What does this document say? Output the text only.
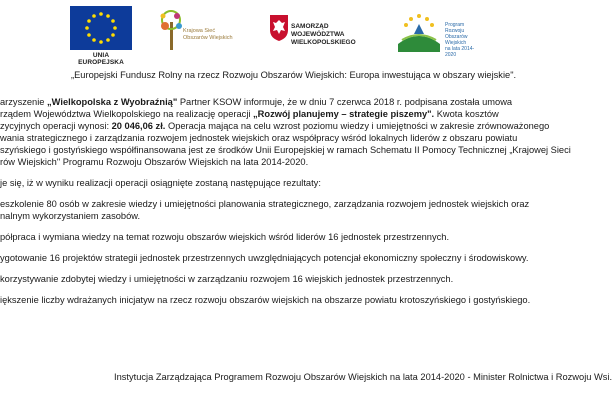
UNIA EUROPEJSKA
Krajowa Sieć
Obszarów Wiejskich
SAMORZĄD WOJEWÓDZTWA
WIELKOPOLSKIEGO
Program
Rozwoju
Obszarów
Wiejskich
na lata 2014-2020
„Europejski Fundusz Rolny na rzecz Rozwoju Obszarów Wiejskich: Europa inwestująca w obszary wiejskie".

arzyszenie „Wielkopolska z Wyobraźnią" Partner KSOW informuje, że w dniu 7 czerwca 2018 r. podpisana została umowa

rządem Województwa Wielkopolskiego na realizację operacji „Rozwój planujemy – strategie piszemy". Kwota kosztów

zycyjnych operacji wynosi: 20 046,06 zł. Operacja mająca na celu wzrost poziomu wiedzy i umiejętności w zakresie zrównoważonego

wania strategicznego i zarządzania rozwojem jednostek wiejskich oraz współpracy wśród lokalnych liderów z obszaru powiatu

szyńskiego i gostyńskiego współfinansowana jest ze środków Unii Europejskiej w ramach Schematu II Pomocy Technicznej „Krajowej Sieci

rów Wiejskich" Programu Rozwoju Obszarów Wiejskich na lata 2014-2020.

je się, iż w wyniku realizacji operacji osiągnięte zostaną następujące rezultaty:

eszkolenie 80 osób w zakresie wiedzy i umiejętności planowania strategicznego, zarządzania rozwojem jednostek wiejskich oraz

nalnym wykorzystaniem zasobów.

półpraca i wymiana wiedzy na temat rozwoju obszarów wiejskich wśród liderów 16 jednostek przestrzennych.

ygotowanie 16 projektów strategii jednostek przestrzennych uwzględniających potencjał ekonomiczny społeczny i środowiskowy.

korzystywanie zdobytej wiedzy i umiejętności w zarządzaniu rozwojem 16 wiejskich jednostek przestrzennych.

iększenie liczby wdrażanych inicjatyw na rzecz rozwoju obszarów wiejskich na obszarze powiatu krotoszyńskiego i gostyńskiego.

Instytucja Zarządzająca Programem Rozwoju Obszarów Wiejskich na lata 2014-2020 - Minister Rolnictwa i Rozwoju Wsi.
